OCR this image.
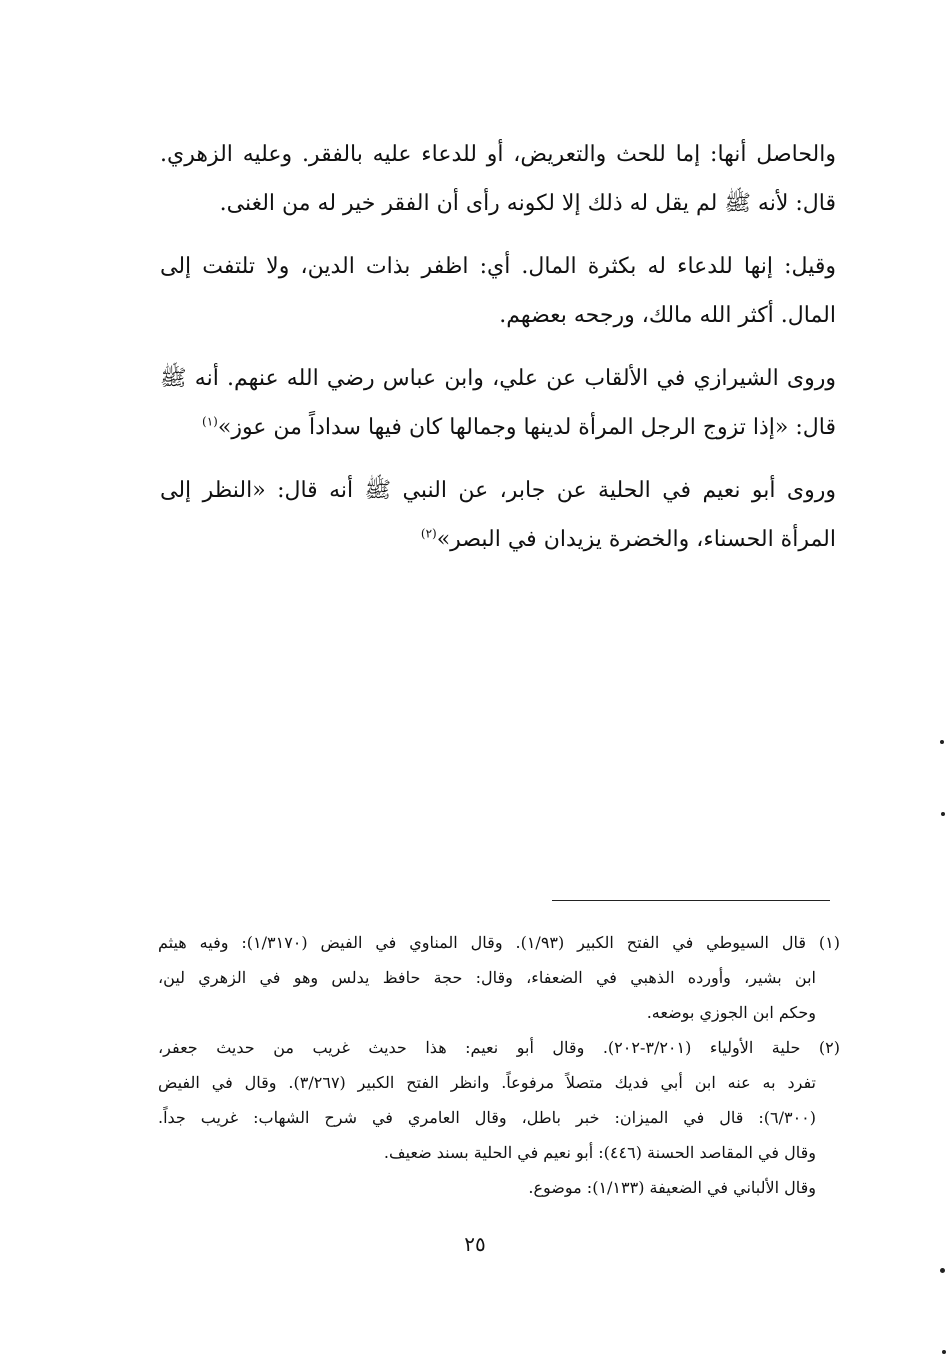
والحاصل أنها: إما للحث والتعريض، أو للدعاء عليه بالفقر. وعليه الزهري. قال: لأنه ﷺ لم يقل له ذلك إلا لكونه رأى أن الفقر خير له من الغنى.

وقيل: إنها للدعاء له بكثرة المال. أي: اظفر بذات الدين، ولا تلتفت إلى المال. أكثر الله مالك، ورجحه بعضهم.

وروى الشيرازي في الألقاب عن علي، وابن عباس رضي الله عنهم. أنه ﷺ قال: «إذا تزوج الرجل المرأة لدينها وجمالها كان فيها سداداً من عوز»$^{(١)}$

وروى أبو نعيم في الحلية عن جابر، عن النبي ﷺ أنه قال: «النظر إلى المرأة الحسناء، والخضرة يزيدان في البصر»$^{(٢)}$

(١) قال السيوطي في الفتح الكبير (١/٩٣). وقال المناوي في الفيض (١/٣١٧٠): وفيه هيثم
ابن بشير، وأورده الذهبي في الضعفاء، وقال: حجة حافظ يدلس وهو في الزهري لين،
وحكم ابن الجوزي بوضعه.

(٢) حلية الأولياء (٣/٢٠١-٢٠٢). وقال أبو نعيم: هذا حديث غريب من حديث جعفر،
تفرد به عنه ابن أبي فديك متصلاً مرفوعاً. وانظر الفتح الكبير (٣/٢٦٧). وقال في الفيض
(٦/٣٠٠): قال في الميزان: خبر باطل، وقال العامري في شرح الشهاب: غريب جداً.
وقال في المقاصد الحسنة (٤٤٦): أبو نعيم في الحلية بسند ضعيف.
وقال الألباني في الضعيفة (١/١٣٣): موضوع.

٢٥
